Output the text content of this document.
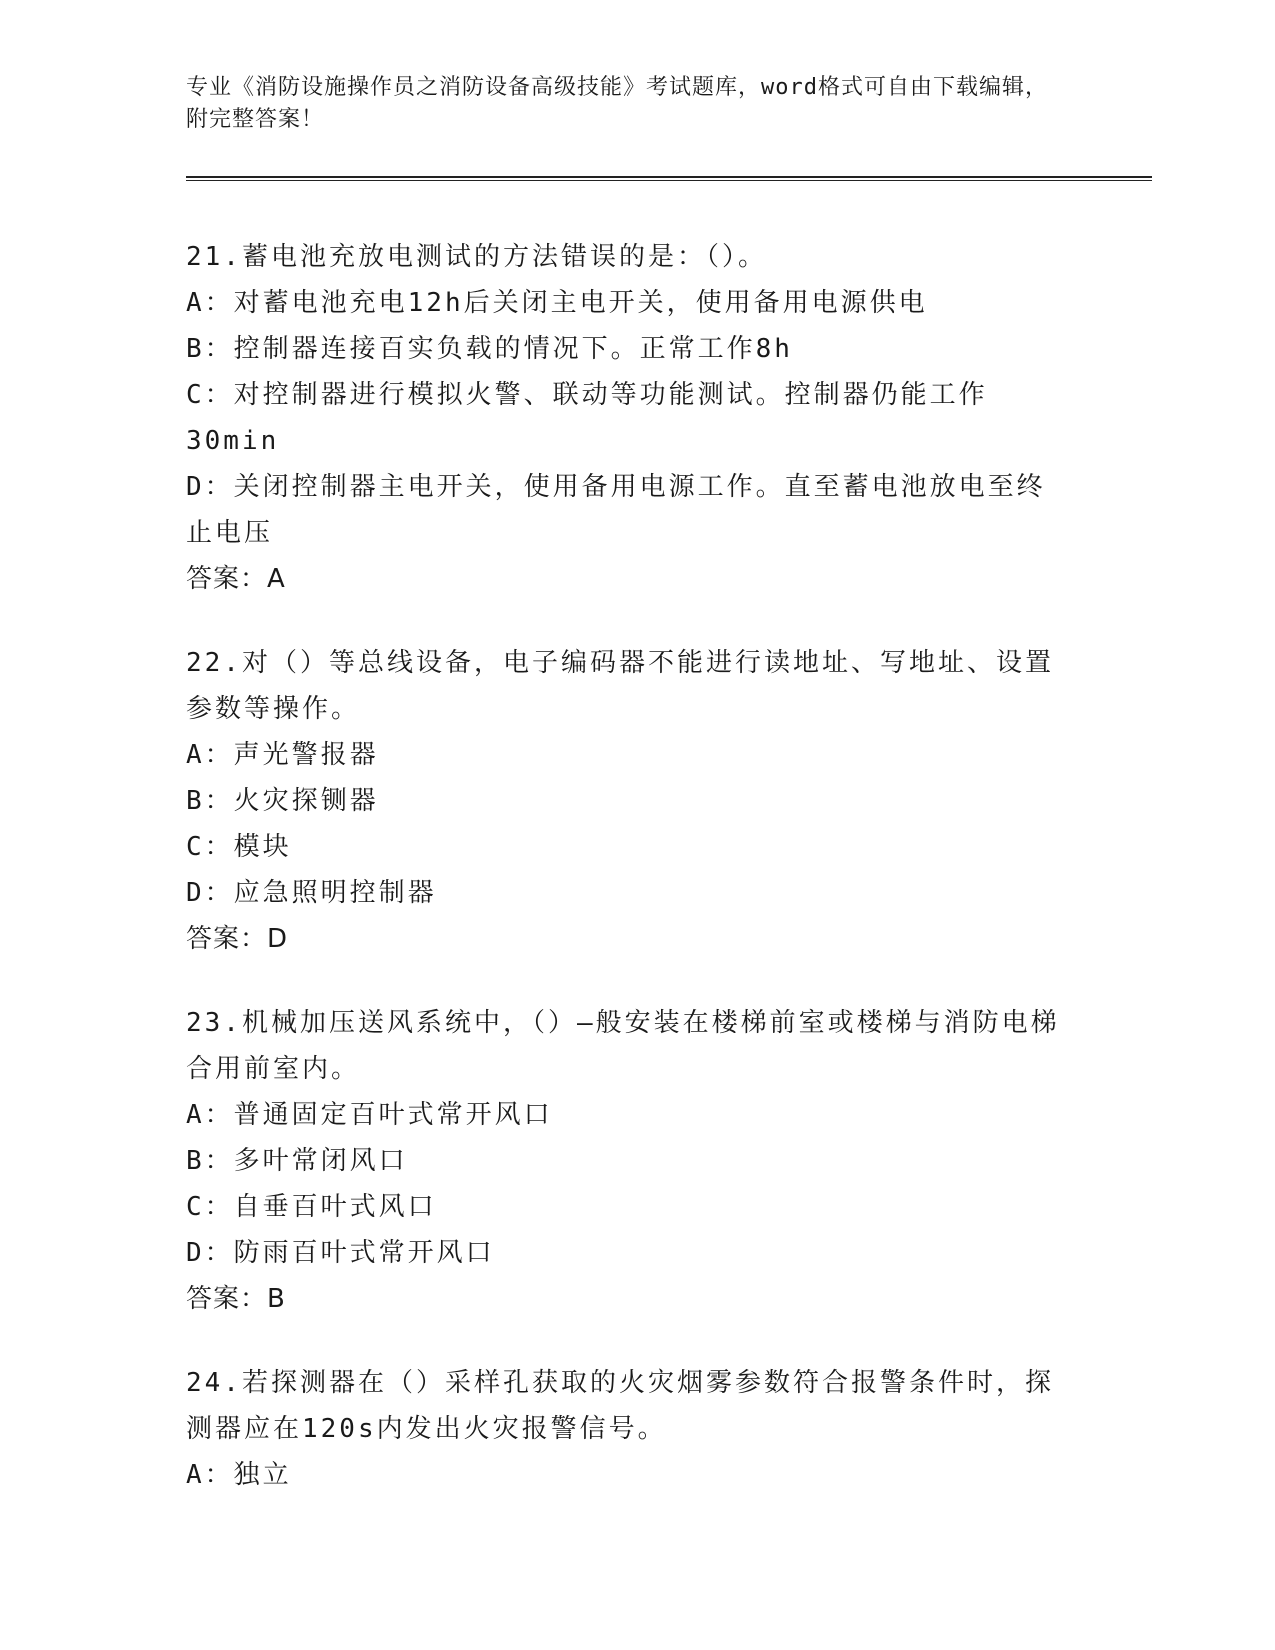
专业《消防设施操作员之消防设备高级技能》考试题库，word格式可自由下载编辑，附完整答案！
21.蓄电池充放电测试的方法错误的是：（）。
A：对蓄电池充电12h后关闭主电开关，使用备用电源供电
B：控制器连接百实负载的情况下。正常工作8h
C：对控制器进行模拟火警、联动等功能测试。控制器仍能工作30min
D：关闭控制器主电开关，使用备用电源工作。直至蓄电池放电至终止电压
答案：A
22.对（）等总线设备，电子编码器不能进行读地址、写地址、设置参数等操作。
A：声光警报器
B：火灾探铡器
C：模块
D：应急照明控制器
答案：D
23.机械加压送风系统中，（）—般安装在楼梯前室或楼梯与消防电梯合用前室内。
A：普通固定百叶式常开风口
B：多叶常闭风口
C：自垂百叶式风口
D：防雨百叶式常开风口
答案：B
24.若探测器在（）采样孔获取的火灾烟雾参数符合报警条件时，探测器应在120s内发出火灾报警信号。
A：独立
